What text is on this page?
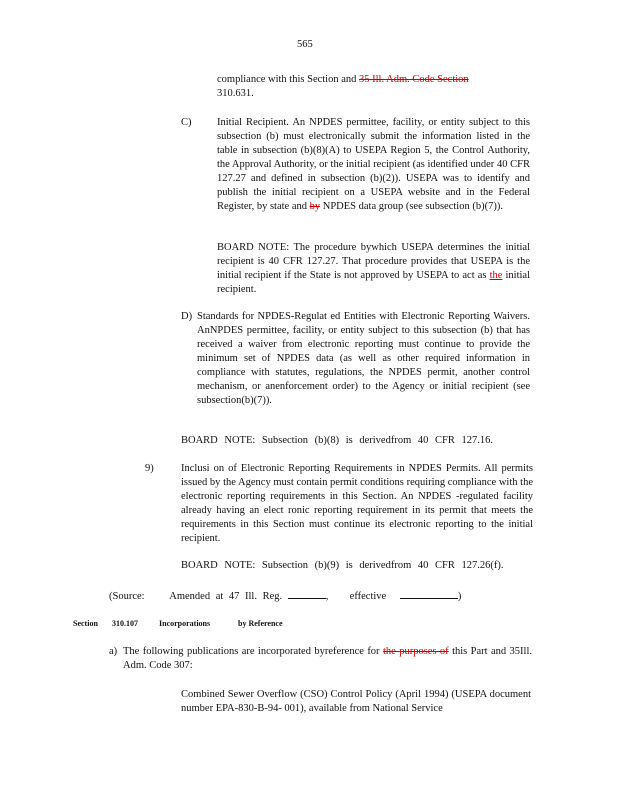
565
compliance with this Section and 35 Ill. Adm. Code Section
310.631.
C) Initial Recipient. An NPDES permittee, facility, or entity subject to this subsection (b) must electronically submit the information listed in the table in subsection (b)(8)(A) to USEPA Region 5, the Control Authority, the Approval Authority, or the initial recipient (as identified under 40 CFR 127.27 and defined in subsection (b)(2)). USEPA was to identify and publish the initial recipient on a USEPA website and in the Federal Register, by state and by NPDES data group (see subsection (b)(7)).
BOARD NOTE: The procedure bywhich USEPA determines the initial recipient is 40 CFR 127.27. That procedure provides that USEPA is the initial recipient if the State is not approved by USEPA to act as the initial recipient.
D) Standards for NPDES-Regulat ed Entities with Electronic Reporting Waivers. AnNPDES permittee, facility, or entity subject to this subsection (b) that has received a waiver from electronic reporting must continue to provide the minimum set of NPDES data (as well as other required information in compliance with statutes, regulations, the NPDES permit, another control mechanism, or anenforcement order) to the Agency or initial recipient (see subsection(b)(7)).
BOARD NOTE: Subsection (b)(8) is derivedfrom 40 CFR 127.16.
9)	Inclusi on of Electronic Reporting Requirements in NPDES Permits. All permits issued by the Agency must contain permit conditions requiring compliance with the electronic reporting requirements in this Section. An NPDES -regulated facility already having an elect ronic reporting requirement in its permit that meets the requirements in this Section must continue its electronic reporting to the initial recipient.
BOARD NOTE: Subsection (b)(9) is derivedfrom 40 CFR 127.26(f).
(Source: Amended at 47 Ill. Reg.	, effective	)
Section 310.107	Incorporations	by Reference
a) The following publications are incorporated byreference for the purposes of this Part and 35Ill. Adm. Code 307:
Combined Sewer Overflow (CSO) Control Policy (April 1994) (USEPA document number EPA-830-B-94- 001), available from National Service
